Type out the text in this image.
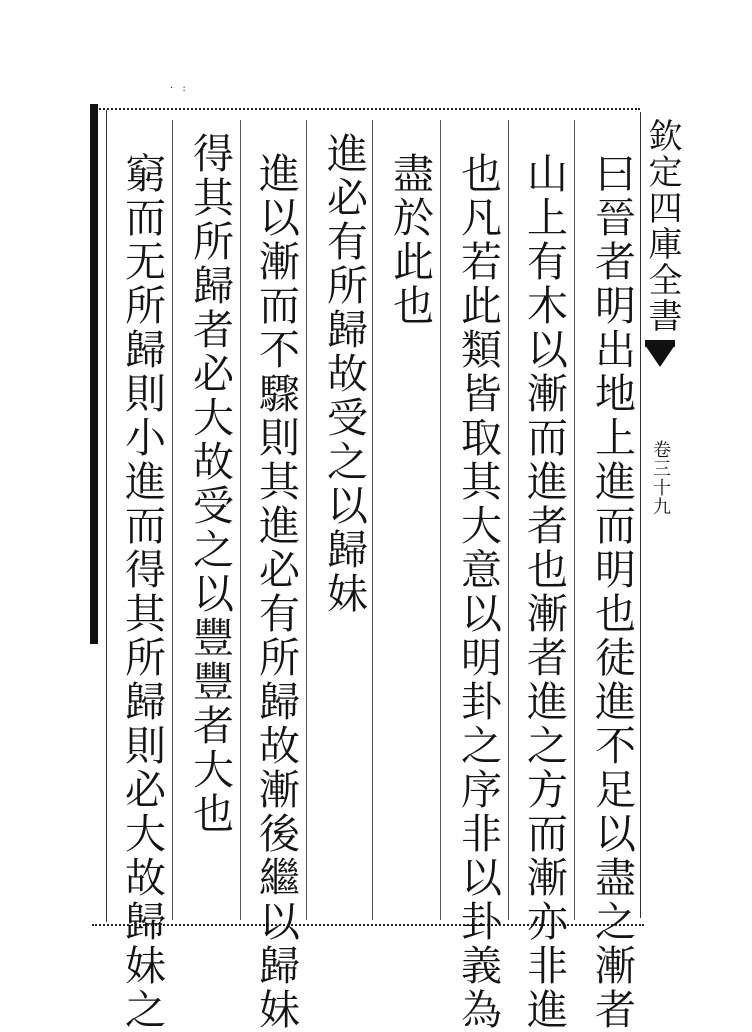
· :
欽定四庫全書
卷三十九
曰晉者明出地上進而明也徒進不足以盡之漸者
山上有木以漸而進者也漸者進之方而漸亦非進
也凡若此類皆取其大意以明卦之序非以卦義為
盡於此也
進必有所歸故受之以歸妹
進以漸而不驟則其進必有所歸故漸後繼以歸妹
得其所歸者必大故受之以豐豐者大也
窮而无所歸則小進而得其所歸則必大故歸妹之
